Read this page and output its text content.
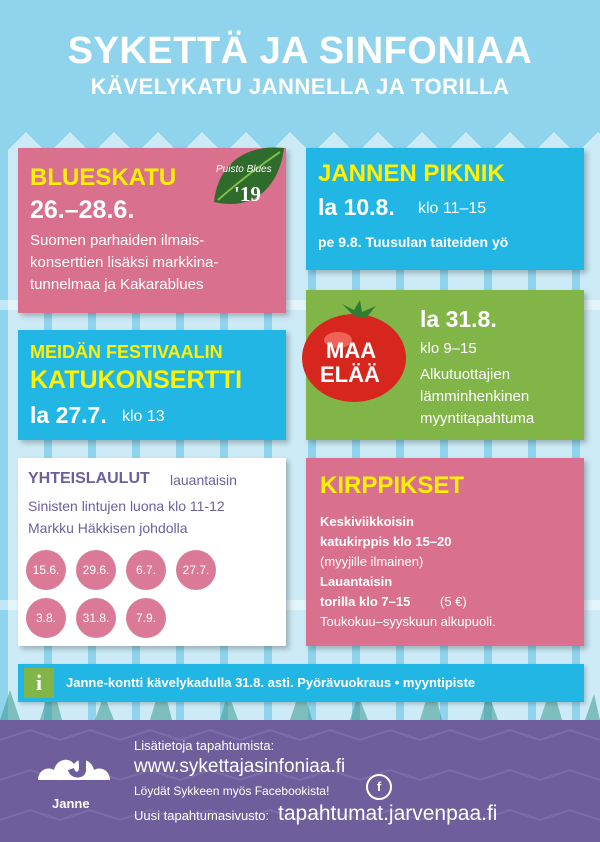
SYKETTÄ JA SINFONIAA
KÄVELYKATU JANNELLA JA TORILLA
BLUESKATU
26.–28.6.
Suomen parhaiden ilmais-
konserttien lisäksi markkina-
tunnelmaa ja Kakarablues
Puisto Blues
'19
JANNEN PIKNIK
la 10.8. klo 11–15
pe 9.8. Tuusulan taiteiden yö
la 31.8.
klo 9–15
Alkutuottajien
lämminhenkinen
myyntitapahtuma
MAA
ELÄÄ
MEIDÄN FESTIVAALIN
KATUKONSERTTI
la 27.7. klo 13
YHTEISLAULUT lauantaisin
Sinisten lintujen luona klo 11-12
Markku Häkkisen johdolla
15.6.	29.6.	6.7.	27.7.
3.8.	31.8.	7.9.
KIRPPIKSET
Keskiviikkoisin
katukirppis klo 15–20
(myyjille ilmainen)
Lauantaisin
torilla klo 7–15 (5 €)
Toukokuu–syyskuun alkupuoli.
i	Janne-kontti kävelykadulla 31.8. asti. Pyörävuokraus • myyntipiste
Janne
Lisätietoja tapahtumista:
www.sykettajasinfoniaa.fi
Löydät Sykkeen myös Facebookista!	f
Uusi tapahtumasivusto: tapahtumat.jarvenpaa.fi
